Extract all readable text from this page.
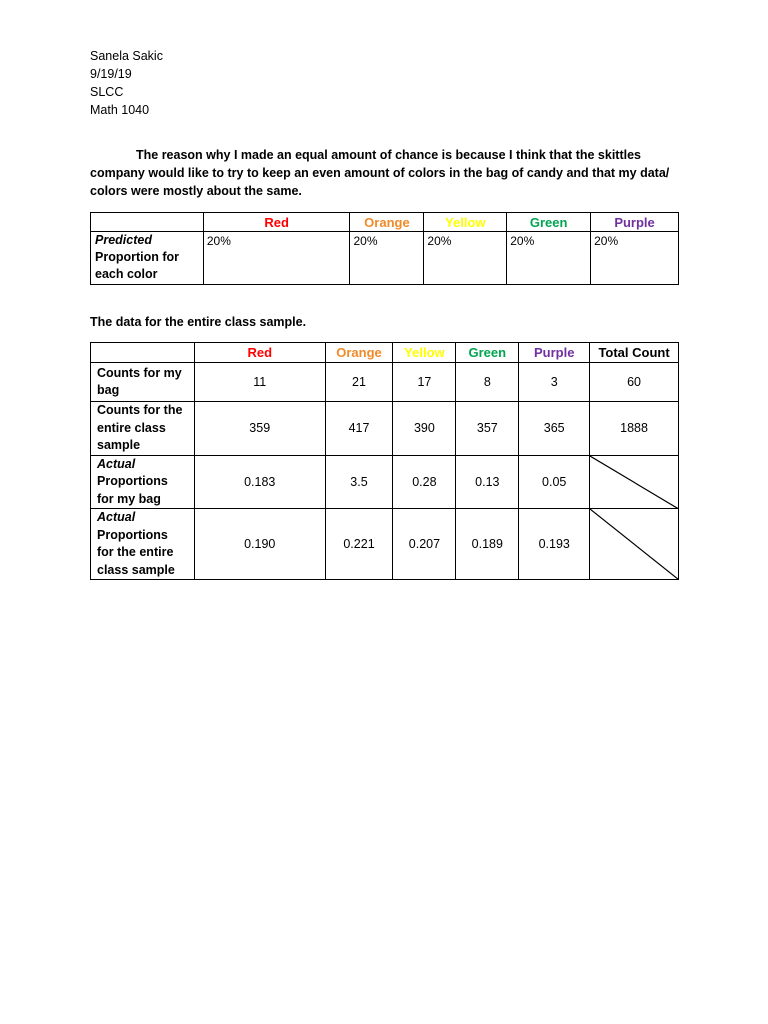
Sanela Sakic
9/19/19
SLCC
Math 1040
The reason why I made an equal amount of chance is because I think that the skittles company would like to try to keep an even amount of colors in the bag of candy and that my data/ colors were mostly about the same.
	Red	Orange	Yellow	Green	Purple
Predicted
Proportion for each color	20%	20%	20%	20%	20%
The data for the entire class sample.
	Red	Orange	Yellow	Green	Purple	Total Count
Counts for my bag	11	21	17	8	3	60
Counts for the entire class sample	359	417	390	357	365	1888
Actual
Proportions for my bag	0.183	3.5	0.28	0.13	0.05	

Actual
Proportions for the entire class sample	0.190	0.221	0.207	0.189	0.193	
